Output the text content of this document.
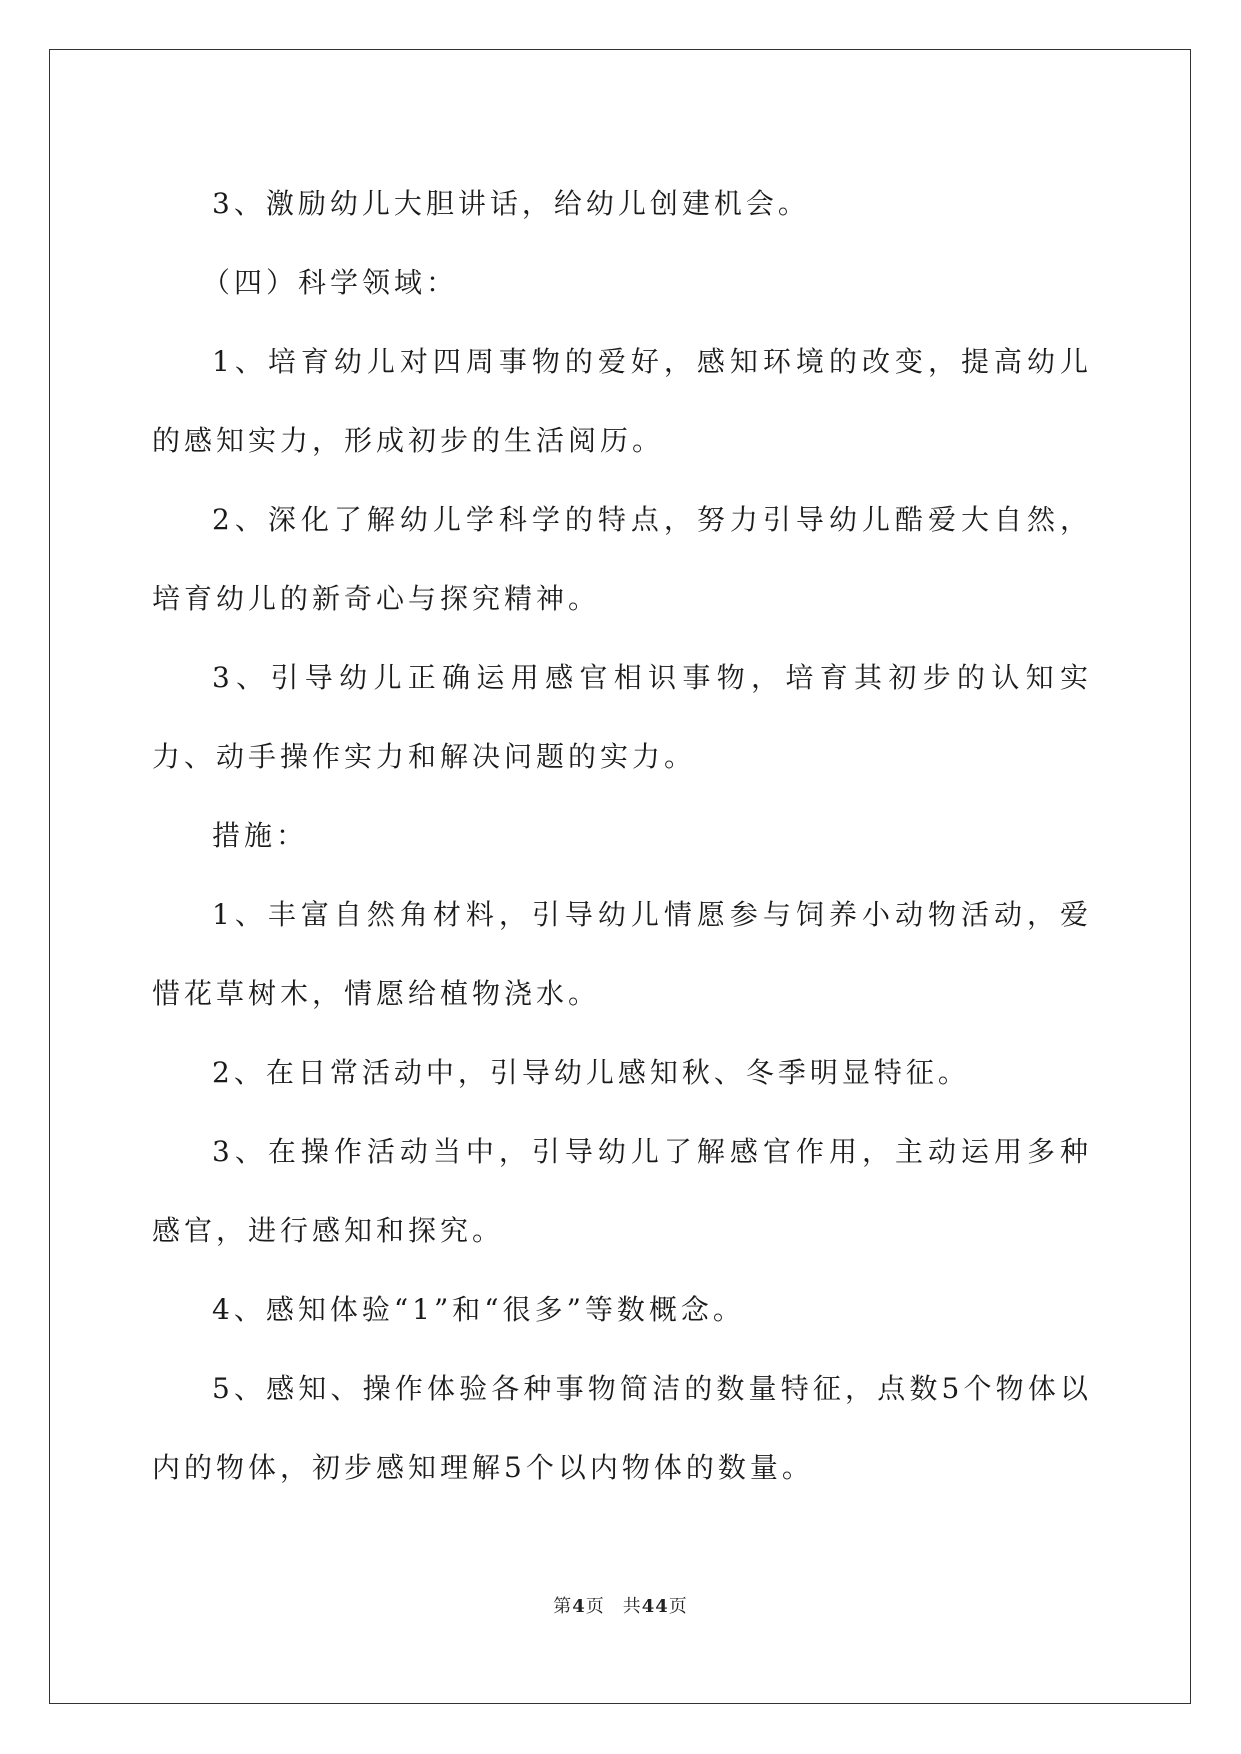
3、激励幼儿大胆讲话，给幼儿创建机会。

（四）科学领域：

1、培育幼儿对四周事物的爱好，感知环境的改变，提高幼儿的感知实力，形成初步的生活阅历。

2、深化了解幼儿学科学的特点，努力引导幼儿酷爱大自然，培育幼儿的新奇心与探究精神。

3、引导幼儿正确运用感官相识事物，培育其初步的认知实力、动手操作实力和解决问题的实力。

措施：

1、丰富自然角材料，引导幼儿情愿参与饲养小动物活动，爱惜花草树木，情愿给植物浇水。

2、在日常活动中，引导幼儿感知秋、冬季明显特征。

3、在操作活动当中，引导幼儿了解感官作用，主动运用多种感官，进行感知和探究。

4、感知体验“1”和“很多”等数概念。

5、感知、操作体验各种事物简洁的数量特征，点数5个物体以内的物体，初步感知理解5个以内物体的数量。

第4页 共44页
